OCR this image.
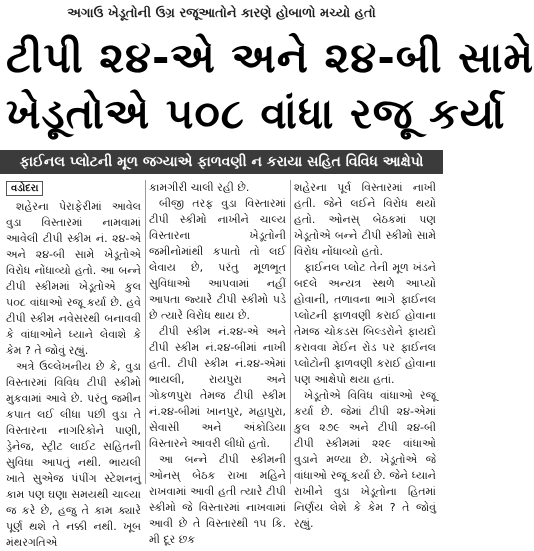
અગાઉ ખેડૂતોની ઉગ્ર રજૂઆતોને કારણે હોબાળો મચ્યો હતો
ટીપી ૨૪-એ અને ૨૪-બી સામે
ખેડૂતોએ ૫૦૮ વાંધા રજૂ કર્યા
ફાઈનલ પ્લોટની મૂળ જગ્યાએ ફાળવણી ન કરાયા સહિત વિવિધ આક્ષેપો
વડોદરા

શહેરના પેરાફેરીમાં આવેલ વુડા વિસ્તારમાં નામવામાં આવેલી ટીપી સ્કીમ નં. ૨૪-એ અને ૨૪-બી સામે ખેડૂતોએ વિરોધ નોંધાવ્યો હતો. આ બન્ને ટીપી સ્કીમમાં ખેડૂતોએ કુલ ૫૦૮ વાંધાઓ રજૂ કર્યા છે. હવે ટીપી સ્કીમ નવેસરથી બનાવવી કે વાંધાઓને ધ્યાને લેવાશે કે કેમ ? તે જોવું રહ્યું.

અત્રે ઉલ્લેખનીય છે કે, વુડા વિસ્તારમાં વિવિધ ટીપી સ્કીમો મુકવામાં આવે છે. પરંતુ જમીન કપાત લઈ લીધા પછી વુડા તે વિસ્તારના નાગરિકોને પાણી, ડ્રેનેજ, સ્ટ્રીટ લાઈટ સહિતની સુવિધા આપતું નથી. ભાયલી ખાતે સુએજ પંપીંગ સ્ટેશનનું કામ પણ ઘણા સમયથી ચાલ્યા જ કરે છે, હજુ તે કામ ક્યારે પૂર્ણ થશે તે નક્કી નથી. ખૂબ મંથરગતિએ

કામગીરી ચાલી રહી છે.

બીજી તરફ વુડા વિસ્તારમાં ટીપી સ્કીમો નાખીને ચાલ્ય વિસ્તારના ખેડૂતોની જમીનોમાંથી કપાતો તો લઈ લેવાય છે, પરંતુ મૂળભૂત સુવિધાઓ આપવામાં નહીં આપતા જ્યારે ટીપી સ્કીમો પડે છે ત્યારે વિરોધ થાય છે.

ટીપી સ્કીમ નં.૨૪-એ અને ટીપી સ્કીમ નં.૨૪-બીમાં નાખી હતી. ટીપી સ્કીમ નં.૨૪-એમાં ભાયલી, રાયપુરા અને ગોકળપુરા તેમજ ટીપી સ્કીમ નં.૨૪-બીમાં ખાનપુર, મહાપુરા, સેવાસી અને અંકોડિયા વિસ્તારને આવરી લીધો હતો.

આ બન્ને ટીપી સ્કીમની ઓનસ્ બેઠક રાખા મહિને રાખવામાં આવી હતી ત્યારે ટીપી સ્કીમો જે વિસ્તારમાં નાખવામાં આવી છે તે વિસ્તારથી ૧૫ કિ. મી દૂર છક

શહેરના પૂર્વ વિસ્તારમાં નાખી હતી. જેને લઈને વિરોધ થયો હતો. ઓનસ્ બેઠકમાં પણ ખેડૂતોએ બન્ને ટીપી સ્કીમો સામે વિરોધ નોંધાવ્યો હતો.

ફાઈનલ પ્લોટ તેની મૂળ ખંડને બદલે અન્યત્ર સ્થળે આપ્યો હોવાની, તળાવના ભાગે ફાઈનલ પ્લોટની ફાળવણી કરાઈ હોવાના તેમજ ચોકડસ બિલ્ડરોને ફાયદો કરાવવા મેઈન રોડ પર ફાઈનલ પ્લોટોની ફાળવણી કરાઈ હોવાના પણ આક્ષેપો થયા હતાં.

ખેડૂતોએ વિવિધ વાંધાઓ રજૂ કર્યા છે. જેમાં ટીપી ૨૪-એમાં કુલ ૨૭૯ અને ટીપી ૨૪-બી ટીપી સ્કીમમાં ૨૨૯ વાંધાઓ વુડાને મળ્યા છે. ખેડૂતોએ જે વાંધાઓ રજૂ કર્યા છે. જેને ધ્યાને રાખીને વુડા ખેડૂતોના હિતમાં નિર્ણય લેશે કે કેમ ? તે જોવું રહ્યું.
